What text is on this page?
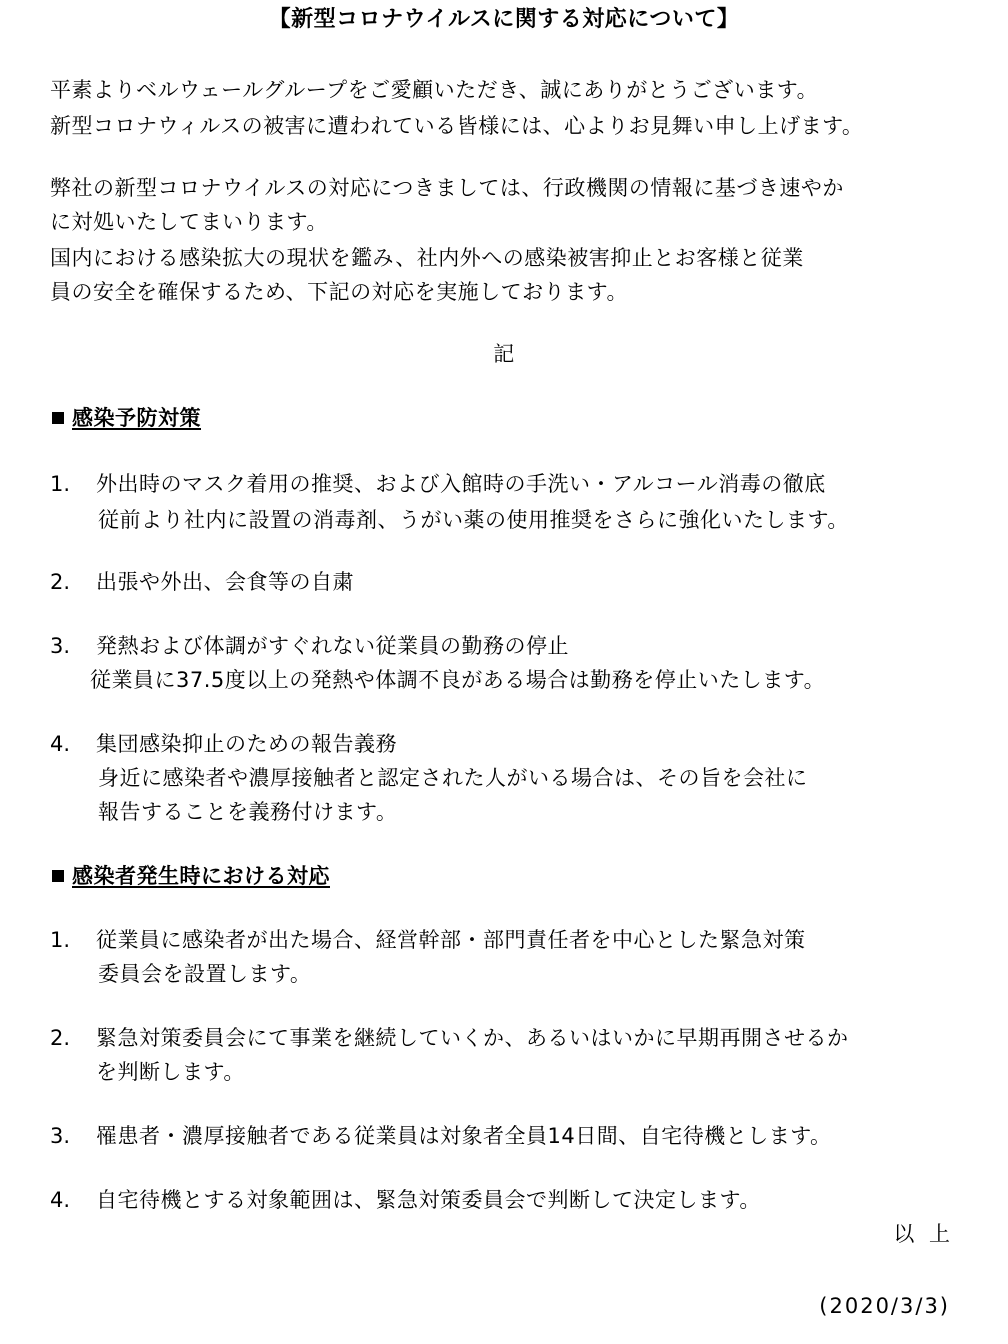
【新型コロナウイルスに関する対応について】
平素よりベルウェールグループをご愛顧いただき、誠にありがとうございます。
新型コロナウィルスの被害に遭われている皆様には、心よりお見舞い申し上げます。
弊社の新型コロナウイルスの対応につきましては、行政機関の情報に基づき速やか
に対処いたしてまいります。
国内における感染拡大の現状を鑑み、社内外への感染被害抑止とお客様と従業
員の安全を確保するため、下記の対応を実施しております。
記
感染予防対策
1. 外出時のマスク着用の推奨、および入館時の手洗い・アルコール消毒の徹底
従前より社内に設置の消毒剤、うがい薬の使用推奨をさらに強化いたします。
2. 出張や外出、会食等の自粛
3. 発熱および体調がすぐれない従業員の勤務の停止
従業員に37.5度以上の発熱や体調不良がある場合は勤務を停止いたします。
4. 集団感染抑止のための報告義務
身近に感染者や濃厚接触者と認定された人がいる場合は、その旨を会社に
報告することを義務付けます。
感染者発生時における対応
1. 従業員に感染者が出た場合、経営幹部・部門責任者を中心とした緊急対策
委員会を設置します。
2. 緊急対策委員会にて事業を継続していくか、あるいはいかに早期再開させるか
を判断します。
3. 罹患者・濃厚接触者である従業員は対象者全員14日間、自宅待機とします。
4. 自宅待機とする対象範囲は、緊急対策委員会で判断して決定します。
以 上
(2020/3/3)
